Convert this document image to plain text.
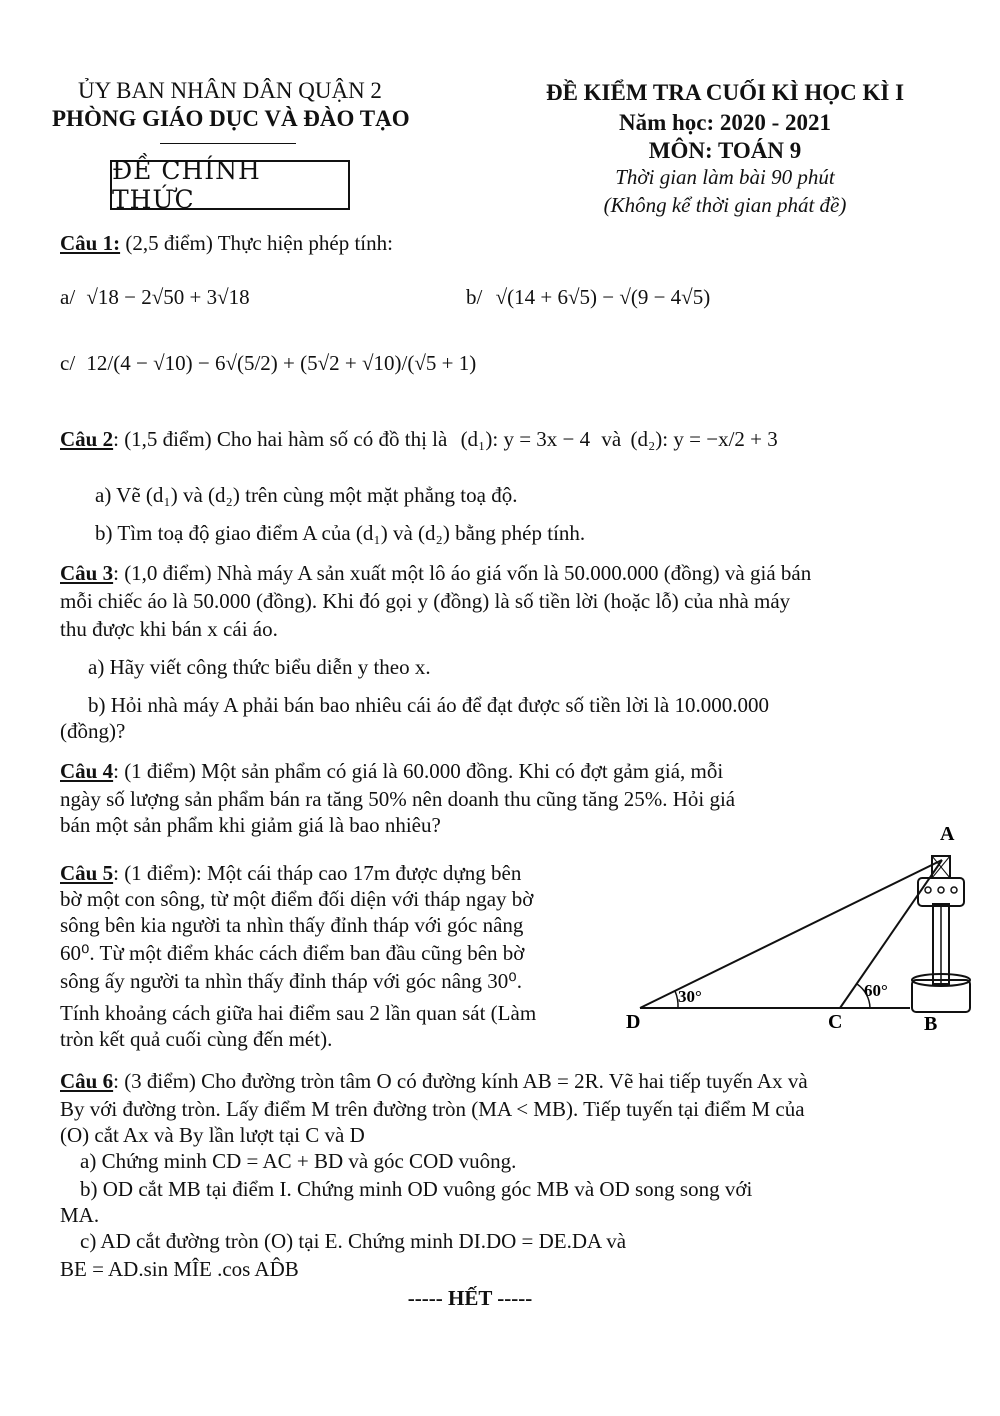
ỦY BAN NHÂN DÂN QUẬN 2
PHÒNG GIÁO DỤC VÀ ĐÀO TẠO
ĐỀ CHÍNH THỨC
ĐỀ KIỂM TRA CUỐI KÌ HỌC KÌ I
Năm học: 2020 - 2021
MÔN: TOÁN 9
Thời gian làm bài 90 phút
(Không kể thời gian phát đề)
Câu 1: (2,5 điểm) Thực hiện phép tính:
a/ √18 − 2√50 + 3√18	b/ √(14 + 6√5) − √(9 − 4√5)
c/ 12/(4 − √10) − 6√(5/2) + (5√2 + √10)/(√5 + 1)
Câu 2: (1,5 điểm) Cho hai hàm số có đồ thị là (d₁): y = 3x − 4 và (d₂): y = −x/2 + 3
a) Vẽ (d₁) và (d₂) trên cùng một mặt phẳng toạ độ.
b) Tìm toạ độ giao điểm A của (d₁) và (d₂) bằng phép tính.
Câu 3: (1,0 điểm) Nhà máy A sản xuất một lô áo giá vốn là 50.000.000 (đồng) và giá bán
mỗi chiếc áo là 50.000 (đồng). Khi đó gọi y (đồng) là số tiền lời (hoặc lỗ) của nhà máy
thu được khi bán x cái áo.
a) Hãy viết công thức biểu diễn y theo x.
b) Hỏi nhà máy A phải bán bao nhiêu cái áo để đạt được số tiền lời là 10.000.000
(đồng)?
Câu 4: (1 điểm) Một sản phẩm có giá là 60.000 đồng. Khi có đợt gảm giá, mỗi
ngày số lượng sản phẩm bán ra tăng 50% nên doanh thu cũng tăng 25%. Hỏi giá
bán một sản phẩm khi giảm giá là bao nhiêu?
Câu 5: (1 điểm): Một cái tháp cao 17m được dựng bên
bờ một con sông, từ một điểm đối diện với tháp ngay bờ
sông bên kia người ta nhìn thấy đỉnh tháp với góc nâng
60⁰. Từ một điểm khác cách điểm ban đầu cũng bên bờ
sông ấy người ta nhìn thấy đỉnh tháp với góc nâng 30⁰.
Tính khoảng cách giữa hai điểm sau 2 lần quan sát (Làm
tròn kết quả cuối cùng đến mét).
A
B
C
D
30°	60°
Câu 6: (3 điểm) Cho đường tròn tâm O có đường kính AB = 2R. Vẽ hai tiếp tuyến Ax và
By với đường tròn. Lấy điểm M trên đường tròn (MA < MB). Tiếp tuyến tại điểm M của
(O) cắt Ax và By lần lượt tại C và D
a) Chứng minh CD = AC + BD và góc COD vuông.
b) OD cắt MB tại điểm I. Chứng minh OD vuông góc MB và OD song song với
MA.
c) AD cắt đường tròn (O) tại E. Chứng minh DI.DO = DE.DA và
BE = AD.sin MÎE .cos AD̂B
----- HẾT -----
